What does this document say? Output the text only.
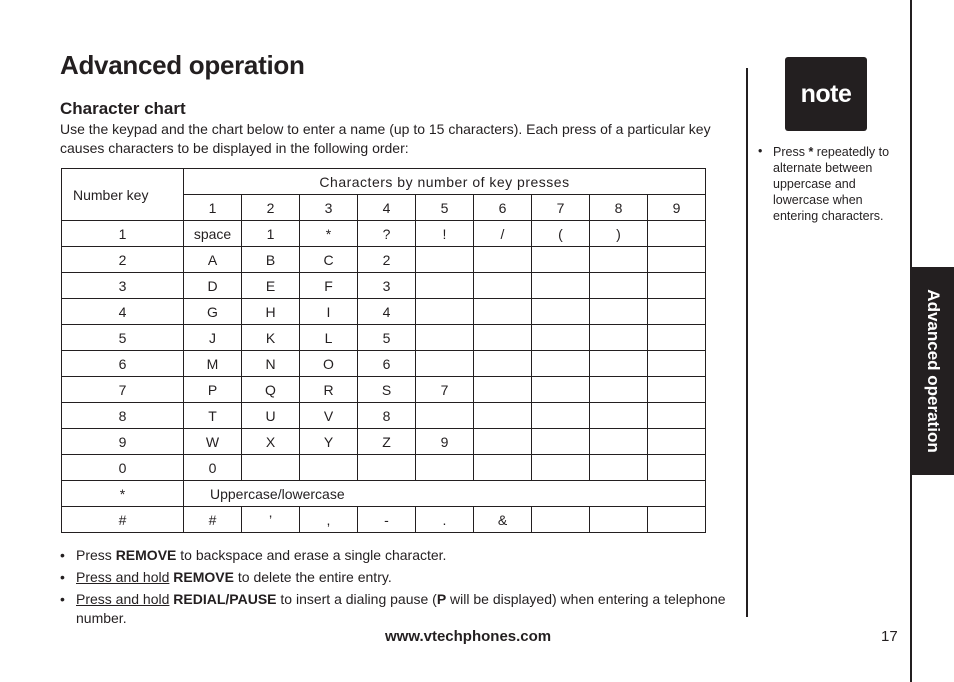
Advanced operation
Character chart
Use the keypad and the chart below to enter a name (up to 15 characters). Each press of a particular key causes characters to be displayed in the following order:
Number key	Characters by number of key presses								
	1	2	3	4	5	6	7	8	9
1	space	1	*	?	!	/	(	)	
2	A	B	C	2					
3	D	E	F	3					
4	G	H	I	4					
5	J	K	L	5					
6	M	N	O	6					
7	P	Q	R	S	7				
8	T	U	V	8					
9	W	X	Y	Z	9				
0	0								
*	Uppercase/lowercase								
#	#	’	,	-	.	&			
• Press REMOVE to backspace and erase a single character.
• Press and hold REMOVE to delete the entire entry.
• Press and hold REDIAL/PAUSE to insert a dialing pause (P will be displayed) when entering a telephone number.
www.vtechphones.com	17
note
• Press * repeatedly to alternate between uppercase and lowercase when entering characters.
Advanced operation
